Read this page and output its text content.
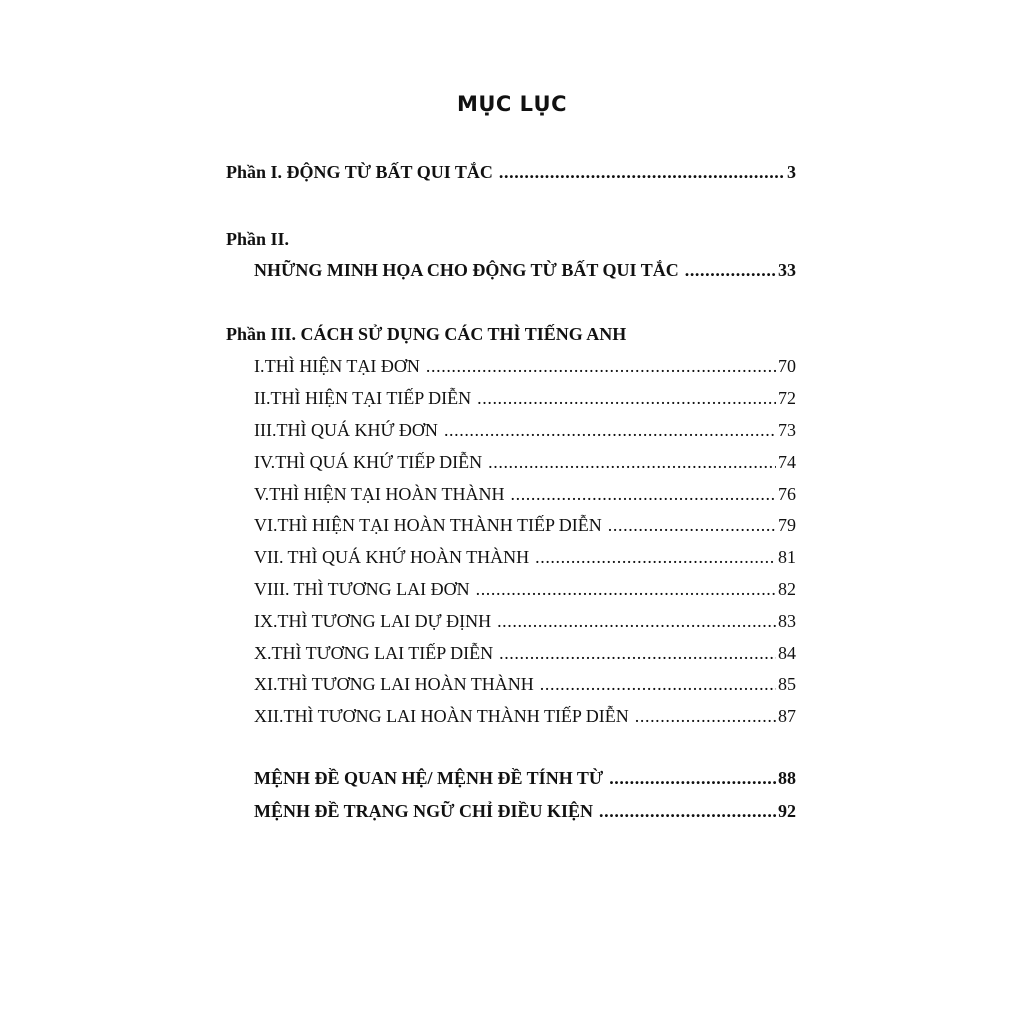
MỤC LỤC
Phần I. ĐỘNG TỪ BẤT QUI TẮC .....	3
Phần II.
NHỮNG MINH HỌA CHO ĐỘNG TỪ BẤT QUI TẮC .....	33
Phần III. CÁCH SỬ DỤNG CÁC THÌ TIẾNG ANH
I. THÌ HIỆN TẠI ĐƠN .....	70
II. THÌ HIỆN TẠI TIẾP DIỄN .....	72
III. THÌ QUÁ KHỨ ĐƠN .....	73
IV. THÌ QUÁ KHỨ TIẾP DIỄN .....	74
V. THÌ HIỆN TẠI HOÀN THÀNH .....	76
VI. THÌ HIỆN TẠI HOÀN THÀNH TIẾP DIỄN .....	79
VII. THÌ QUÁ KHỨ HOÀN THÀNH .....	81
VIII. THÌ TƯƠNG LAI ĐƠN .....	82
IX. THÌ TƯƠNG LAI DỰ ĐỊNH .....	83
X. THÌ TƯƠNG LAI TIẾP DIỄN .....	84
XI. THÌ TƯƠNG LAI HOÀN THÀNH .....	85
XII. THÌ TƯƠNG LAI HOÀN THÀNH TIẾP DIỄN .....	87
MỆNH ĐỀ QUAN HỆ/ MỆNH ĐỀ TÍNH TỪ .....	88
MỆNH ĐỀ TRẠNG NGỮ CHỈ ĐIỀU KIỆN .....	92
